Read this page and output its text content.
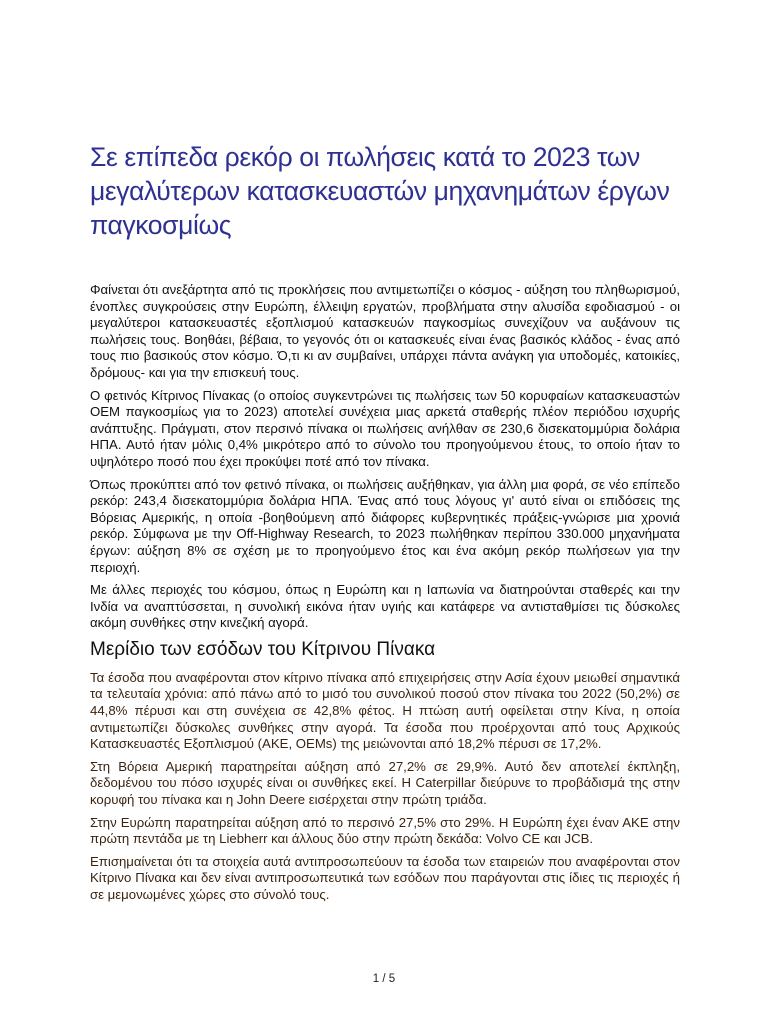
Σε επίπεδα ρεκόρ οι πωλήσεις κατά το 2023 των μεγαλύτερων κατασκευαστών μηχανημάτων έργων παγκοσμίως

Φαίνεται ότι ανεξάρτητα από τις προκλήσεις που αντιμετωπίζει ο κόσμος - αύξηση του πληθωρισμού, ένοπλες συγκρούσεις στην Ευρώπη, έλλειψη εργατών, προβλήματα στην αλυσίδα εφοδιασμού - οι μεγαλύτεροι κατασκευαστές εξοπλισμού κατασκευών παγκοσμίως συνεχίζουν να αυξάνουν τις πωλήσεις τους. Βοηθάει, βέβαια, το γεγονός ότι οι κατασκευές είναι ένας βασικός κλάδος - ένας από τους πιο βασικούς στον κόσμο. Ό,τι κι αν συμβαίνει, υπάρχει πάντα ανάγκη για υποδομές, κατοικίες, δρόμους- και για την επισκευή τους.

Ο φετινός Κίτρινος Πίνακας (ο οποίος συγκεντρώνει τις πωλήσεις των 50 κορυφαίων κατασκευαστών OEM παγκοσμίως για το 2023) αποτελεί συνέχεια μιας αρκετά σταθερής πλέον περιόδου ισχυρής ανάπτυξης. Πράγματι, στον περσινό πίνακα οι πωλήσεις ανήλθαν σε 230,6 δισεκατομμύρια δολάρια ΗΠΑ. Αυτό ήταν μόλις 0,4% μικρότερο από το σύνολο του προηγούμενου έτους, το οποίο ήταν το υψηλότερο ποσό που έχει προκύψει ποτέ από τον πίνακα.

Όπως προκύπτει από τον φετινό πίνακα, οι πωλήσεις αυξήθηκαν, για άλλη μια φορά, σε νέο επίπεδο ρεκόρ: 243,4 δισεκατομμύρια δολάρια ΗΠΑ. Ένας από τους λόγους γι' αυτό είναι οι επιδόσεις της Βόρειας Αμερικής, η οποία -βοηθούμενη από διάφορες κυβερνητικές πράξεις-γνώρισε μια χρονιά ρεκόρ. Σύμφωνα με την Off-Highway Research, το 2023 πωλήθηκαν περίπου 330.000 μηχανήματα έργων: αύξηση 8% σε σχέση με το προηγούμενο έτος και ένα ακόμη ρεκόρ πωλήσεων για την περιοχή.

Με άλλες περιοχές του κόσμου, όπως η Ευρώπη και η Ιαπωνία να διατηρούνται σταθερές και την Ινδία να αναπτύσσεται, η συνολική εικόνα ήταν υγιής και κατάφερε να αντισταθμίσει τις δύσκολες ακόμη συνθήκες στην κινεζική αγορά.

Μερίδιο των εσόδων του Κίτρινου Πίνακα

Τα έσοδα που αναφέρονται στον κίτρινο πίνακα από επιχειρήσεις στην Ασία έχουν μειωθεί σημαντικά τα τελευταία χρόνια: από πάνω από το μισό του συνολικού ποσού στον πίνακα του 2022 (50,2%) σε 44,8% πέρυσι και στη συνέχεια σε 42,8% φέτος. Η πτώση αυτή οφείλεται στην Κίνα, η οποία αντιμετωπίζει δύσκολες συνθήκες στην αγορά. Τα έσοδα που προέρχονται από τους Αρχικούς Κατασκευαστές Εξοπλισμού (ΑΚΕ, OEMs) της μειώνονται από 18,2% πέρυσι σε 17,2%.

Στη Βόρεια Αμερική παρατηρείται αύξηση από 27,2% σε 29,9%. Αυτό δεν αποτελεί έκπληξη, δεδομένου του πόσο ισχυρές είναι οι συνθήκες εκεί. Η Caterpillar διεύρυνε το προβάδισμά της στην κορυφή του πίνακα και η John Deere εισέρχεται στην πρώτη τριάδα.

Στην Ευρώπη παρατηρείται αύξηση από το περσινό 27,5% στο 29%. Η Ευρώπη έχει έναν ΑΚΕ στην πρώτη πεντάδα με τη Liebherr και άλλους δύο στην πρώτη δεκάδα: Volvo CE και JCB.

Επισημαίνεται ότι τα στοιχεία αυτά αντιπροσωπεύουν τα έσοδα των εταιρειών που αναφέρονται στον Κίτρινο Πίνακα και δεν είναι αντιπροσωπευτικά των εσόδων που παράγονται στις ίδιες τις περιοχές ή σε μεμονωμένες χώρες στο σύνολό τους.

1 / 5
